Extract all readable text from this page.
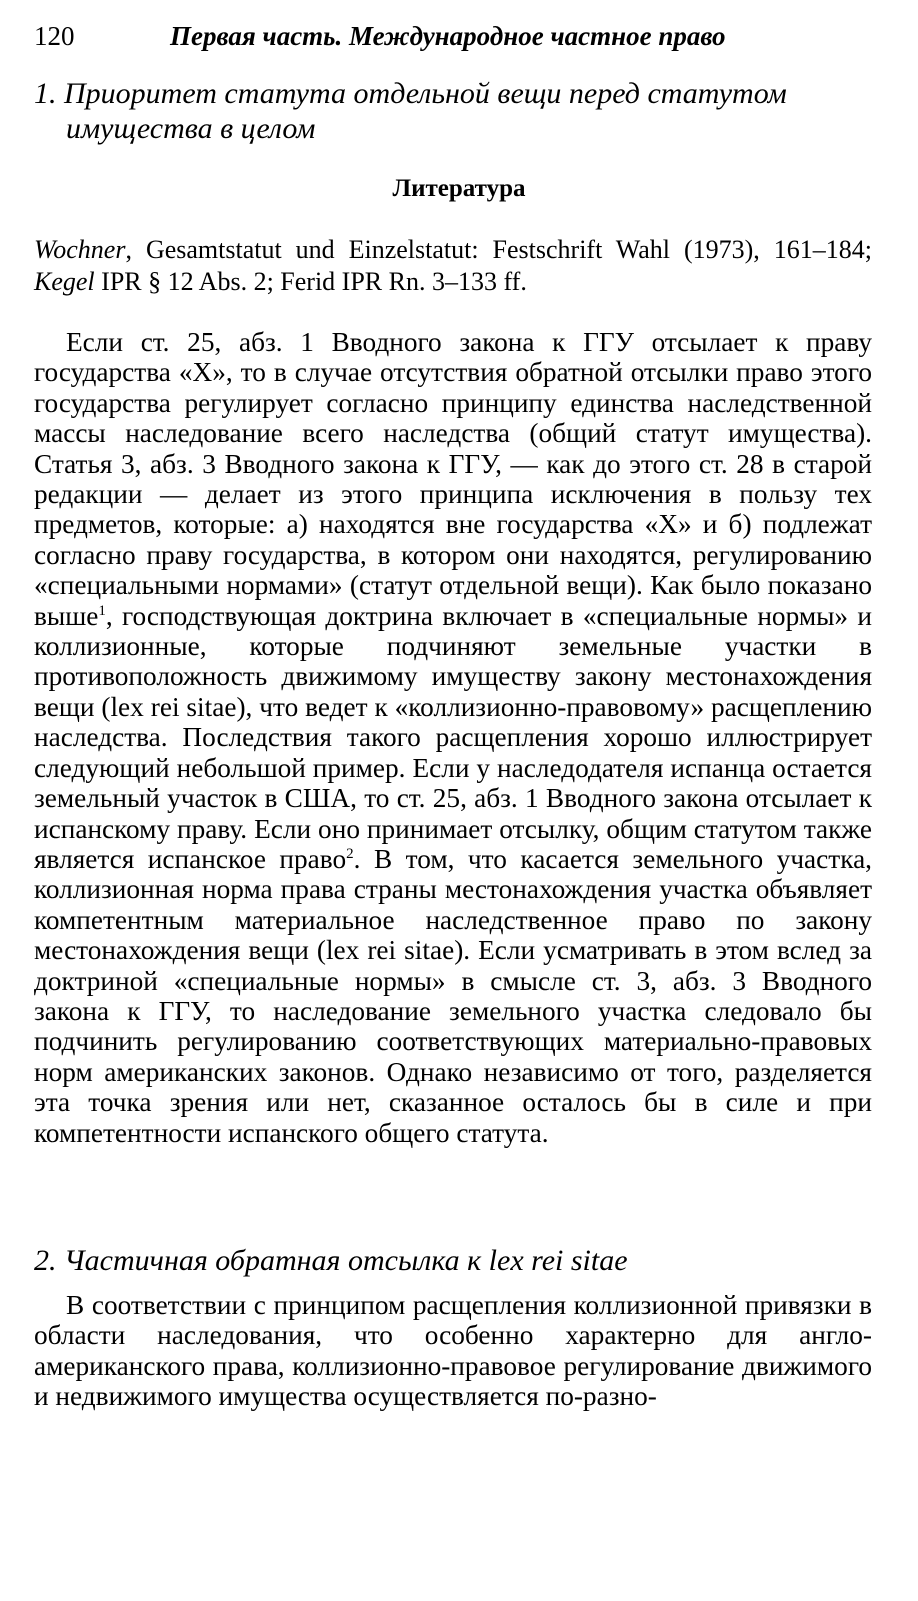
120	Первая часть. Международное частное право
1. Приоритет статута отдельной вещи перед статутом
имущества в целом
Литература

Wochner, Gesamtstatut und Einzelstatut: Festschrift Wahl (1973), 161–184; Kegel IPR § 12 Abs. 2; Ferid IPR Rn. 3–133 ff.

Если ст. 25, абз. 1 Вводного закона к ГГУ отсылает к праву государства «X», то в случае отсутствия обратной отсылки право этого государства регулирует согласно принципу единства наследственной массы наследование всего наследства (общий статут имущества). Статья 3, абз. 3 Вводного закона к ГГУ, — как до этого ст. 28 в старой редакции — делает из этого принципа исключения в пользу тех предметов, которые: а) находятся вне государства «X» и б) подлежат согласно праву государства, в котором они находятся, регулированию «специальными нормами» (статут отдельной вещи). Как было показано выше$^1$, господствующая доктрина включает в «специальные нормы» и коллизионные, которые подчиняют земельные участки в противоположность движимому имуществу закону местонахождения вещи (lex rei sitae), что ведет к «коллизионно-правовому» расщеплению наследства. Последствия такого расщепления хорошо иллюстрирует следующий небольшой пример. Если у наследодателя испанца остается земельный участок в США, то ст. 25, абз. 1 Вводного закона отсылает к испанскому праву. Если оно принимает отсылку, общим статутом также является испанское право$^2$. В том, что касается земельного участка, коллизионная норма права страны местонахождения участка объявляет компетентным материальное наследственное право по закону местонахождения вещи (lex rei sitae). Если усматривать в этом вслед за доктриной «специальные нормы» в смысле ст. 3, абз. 3 Вводного закона к ГГУ, то наследование земельного участка следовало бы подчинить регулированию соответствующих материально-правовых норм американских законов. Однако независимо от того, разделяется эта точка зрения или нет, сказанное осталось бы в силе и при компетентности испанского общего статута.

2. Частичная обратная отсылка к lex rei sitae

В соответствии с принципом расщепления коллизионной привязки в области наследования, что особенно характерно для англо-американского права, коллизионно-правовое регулирование движимого и недвижимого имущества осуществляется по-разно-
